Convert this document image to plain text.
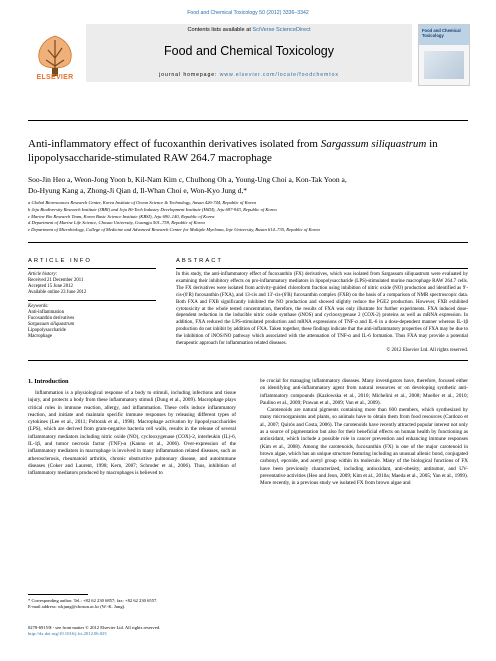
Food and Chemical Toxicology 50 (2012) 3336–3342
ELSEVIER
Contents lists available at SciVerse ScienceDirect
Food and Chemical Toxicology
journal homepage: www.elsevier.com/locate/foodchemtox
Food and Chemical Toxicology
Anti-inflammatory effect of fucoxanthin derivatives isolated from Sargassum siliquastrum in lipopolysaccharide-stimulated RAW 264.7 macrophage
Soo-Jin Heo a, Weon-Jong Yoon b, Kil-Nam Kim c, Chulhong Oh a, Young-Ung Choi a, Kon-Tak Yoon a,
Do-Hyung Kang a, Zhong-Ji Qian d, Il-Whan Choi e, Won-Kyo Jung d,*

a Global Bioresources Research Center, Korea Institute of Ocean Science & Technology, Ansan 426-744, Republic of Korea

b Jeju Biodiversity Research Institute (JBRI) and Jeju Hi-Tech Industry Development Institute (HiDI), Jeju 697-943, Republic of Korea

c Marine Bio Research Team, Korea Basic Science Institute (KBSI), Jeju 690–140, Republic of Korea

d Department of Marine Life Science, Chosun University, Gwangju 501–759, Republic of Korea

e Department of Microbiology, College of Medicine and Advanced Research Center for Multiple Myeloma, Inje University, Busan 614–735, Republic of Korea

ARTICLE INFO

Article history:

Received 21 December 2011

Accepted 15 June 2012

Available online 23 June 2012

Keywords:

Anti-inflammation

Fucoxanthin derivatives

Sargassum siliquastrum

Lipopolysaccharide

Macrophage

ABSTRACT
In this study, the anti-inflammatory effect of fucoxanthin (FX) derivatives, which was isolated from Sargassum siliquastrum were evaluated by examining their inhibitory effects on pro-inflammatory mediators in lipopolysaccharide (LPS)-stimulated murine macrophage RAW 264.7 cells. The FX derivatives were isolated from activity-guided chloroform fraction using inhibition of nitric oxide (NO) production and identified as 9′-cis-(6′R) fucoxanthin (FXA), and 13-cis and 13′-cis-(6′R) fucoxanthin complex (FXB) on the basis of a comparison of NMR spectroscopic data. Both FXA and FXB significantly inhibited the NO production and showed slightly reduce the PGE2 production. However, FXB exhibited cytotoxicity at the whole tested concentration, therefore, the results of FXA was only illustrate for further experiments. FXA induced dose-dependent reduction in the inducible nitric oxide synthase (iNOS) and cyclooxygenase 2 (COX-2) proteins as well as mRNA expression. In addition, FXA reduced the LPS-stimulated production and mRNA expressions of TNF-α and IL-6 in a dose-dependent manner whereas IL-1β production do not inhibit by addition of FXA. Taken together, these findings indicate that the anti-inflammatory properties of FXA may be due to the inhibition of iNOS/NO pathway which associated with the attenuation of TNF-α and IL-6 formation. Thus FXA may provide a potential therapeutic approach for inflammation related diseases.
© 2012 Elsevier Ltd. All rights reserved.
1. Introduction
Inflammation is a physiological response of a body to stimuli, including infections and tissue injury, and protects a body from these inflammatory stimuli (Dung et al., 2009). Macrophage plays critical roles in immune reaction, allergy, and inflammation. These cells induce inflammatory reaction, and initiate and maintain specific immune responses by releasing different types of cytokines (Lee et al., 2011; Poltorak et al., 1998). Macrophage activation by lipopolysaccharides (LPS), which are derived from gram-negative bacteria cell walls, results in the release of several inflammatory mediators including nitric oxide (NO), cyclooxygenase (COX)-2, interleukin (IL)-6, IL-1β, and tumor necrosis factor (TNF)-α (Kanno et al., 2006). Over-expression of the inflammatory mediators in macrophage is involved in many inflammation related diseases, such as atherosclerosis, rheumatoid arthritis, chronic obstructive pulmonary disease, and autoimmune diseases (Coker and Laurent, 1998; Kern, 2007; Schroder et al., 2006). Thus, inhibition of inflammatory mediators produced by macrophages is believed to
be crucial for managing inflammatory diseases. Many investigators have, therefore, focused either on identifying anti-inflammatory agent from natural resources or on developing synthetic anti-inflammatory compounds (Kazłowska et al., 2010; Michelini et al., 2008; Mueller et al., 2010; Paulino et al., 2009; Prawan et al., 2009; Van et al., 2009).
Carotenoids are natural pigments containing more than 600 members, which synthesized by many microorganisms and plants, so animals have to obtain them from food resources (Cardozo et al., 2007; Quirós and Costa, 2006). The carotenoids have recently attracted popular interest not only as a source of pigmentation but also for their beneficial effects on human health by functioning as antioxidant, which include a possible role in cancer prevention and enhancing immune responses (Kim et al., 2008). Among the carotenoids, fucoxanthin (FX) is one of the major carotenoid in brown algae, which has an unique structure featuring including an unusual allenic bond, conjugated carbonyl, epoxide, and acetyl group within its molecule. Many of the biological functions of FX have been previously characterized, including antioxidant, anti-obesity, antitumor, and UV-preventative activities (Heo and Jeon, 2009; Kim et al., 2010a; Maeda et al., 2005; Yan et al., 1999). More recently, in a previous study we isolated FX from brown algae and

* Corresponding author. Tel.: +82 62 230 6857; fax: +82 62 230 6557.

E-mail address: wkjung@chosun.ac.kr (W.-K. Jung).

0278-6915/$ - see front matter © 2012 Elsevier Ltd. All rights reserved.

http://dx.doi.org/10.1016/j.fct.2012.06.025
